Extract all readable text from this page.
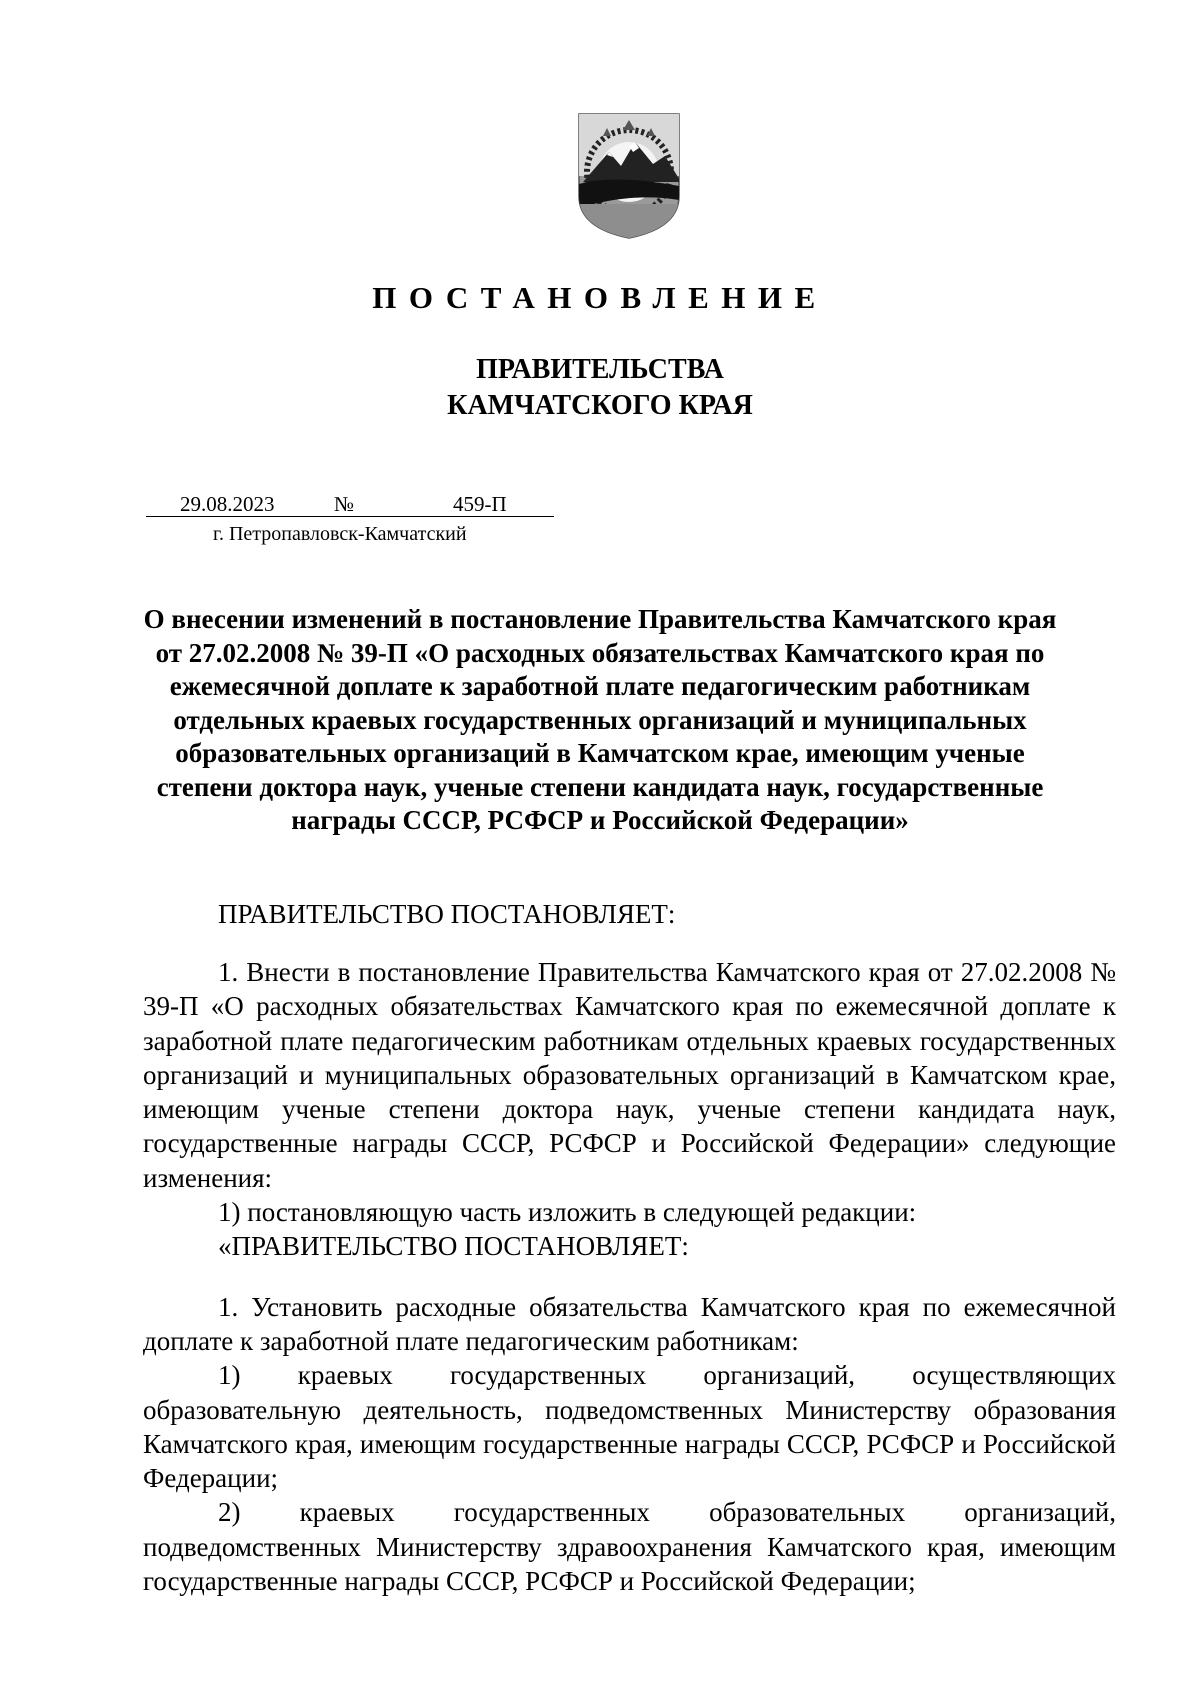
ПОСТАНОВЛЕНИЕ
ПРАВИТЕЛЬСТВА
КАМЧАТСКОГО КРАЯ
29.08.2023	№	459-П
г. Петропавловск-Камчатский
О внесении изменений в постановление Правительства Камчатского края
от 27.02.2008 № 39-П «О расходных обязательствах Камчатского края по
ежемесячной доплате к заработной плате педагогическим работникам
отдельных краевых государственных организаций и муниципальных
образовательных организаций в Камчатском крае, имеющим ученые
степени доктора наук, ученые степени кандидата наук, государственные
награды СССР, РСФСР и Российской Федерации»
ПРАВИТЕЛЬСТВО ПОСТАНОВЛЯЕТ:

1. Внести в постановление Правительства Камчатского края от 27.02.2008 № 39-П «О расходных обязательствах Камчатского края по ежемесячной доплате к заработной плате педагогическим работникам отдельных краевых государственных организаций и муниципальных образовательных организаций в Камчатском крае, имеющим ученые степени доктора наук, ученые степени кандидата наук, государственные награды СССР, РСФСР и Российской Федерации» следующие изменения:

1) постановляющую часть изложить в следующей редакции:

«ПРАВИТЕЛЬСТВО ПОСТАНОВЛЯЕТ:

1. Установить расходные обязательства Камчатского края по ежемесячной доплате к заработной плате педагогическим работникам:

1) краевых государственных организаций, осуществляющих образовательную деятельность, подведомственных Министерству образования Камчатского края, имеющим государственные награды СССР, РСФСР и Российской Федерации;

2) краевых государственных образовательных организаций, подведомственных Министерству здравоохранения Камчатского края, имеющим государственные награды СССР, РСФСР и Российской Федерации;
